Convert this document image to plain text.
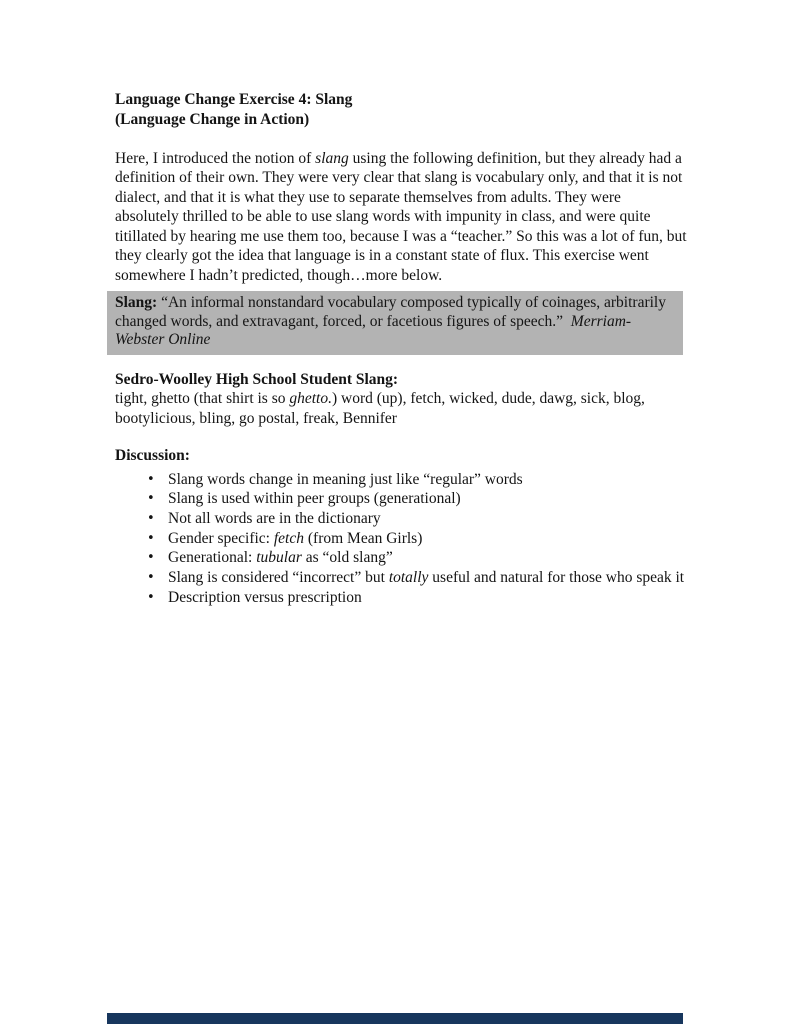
Language Change Exercise 4: Slang

(Language Change in Action)

Here, I introduced the notion of slang using the following definition, but they already had a definition of their own. They were very clear that slang is vocabulary only, and that it is not dialect, and that it is what they use to separate themselves from adults. They were absolutely thrilled to be able to use slang words with impunity in class, and were quite titillated by hearing me use them too, because I was a “teacher.” So this was a lot of fun, but they clearly got the idea that language is in a constant state of flux. This exercise went somewhere I hadn’t predicted, though…more below.

Slang: “An informal nonstandard vocabulary composed typically of coinages, arbitrarily changed words, and extravagant, forced, or facetious figures of speech.”  Merriam-Webster Online

Sedro-Woolley High School Student Slang:

tight, ghetto (that shirt is so ghetto.) word (up), fetch, wicked, dude, dawg, sick, blog, bootylicious, bling, go postal, freak, Bennifer

Discussion:

• Slang words change in meaning just like “regular” words
• Slang is used within peer groups (generational)
• Not all words are in the dictionary
• Gender specific: fetch (from Mean Girls)
• Generational: tubular as “old slang”
• Slang is considered “incorrect” but totally useful and natural for those who speak it
• Description versus prescription
